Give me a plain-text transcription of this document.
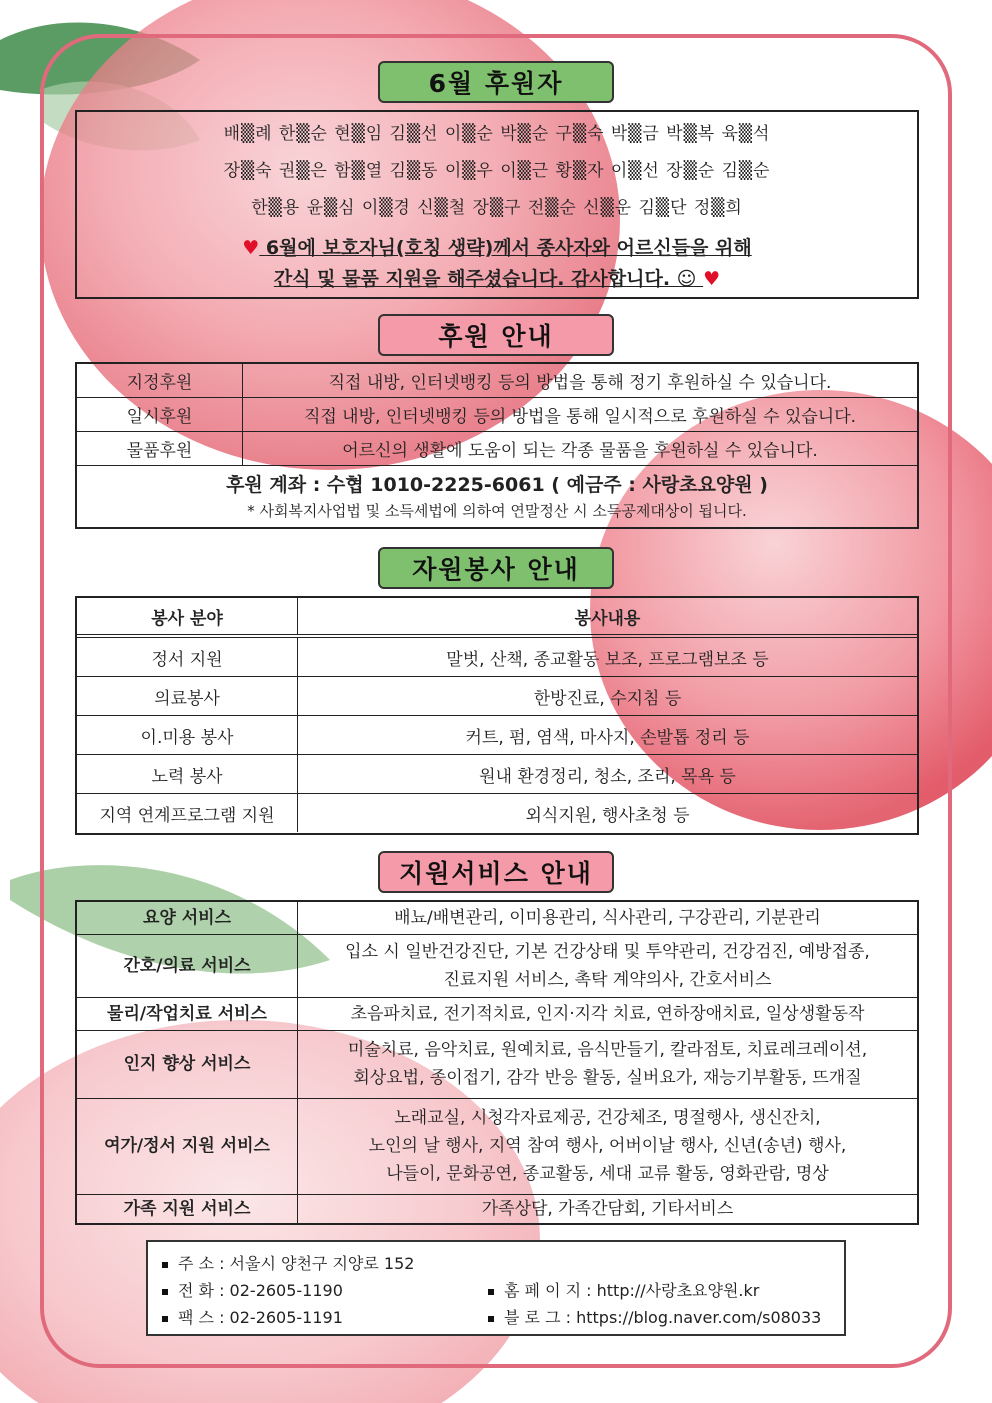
6월 후원자
배▒례 한▒순 현▒임 김▒선 이▒순 박▒순 구▒숙 박▒금 박▒복 육▒석
장▒숙 권▒은 함▒열 김▒동 이▒우 이▒근 황▒자 이▒선 장▒순 김▒순
한▒용 윤▒심 이▒경 신▒철 장▒구 전▒순 신▒운 김▒단 정▒희
♥ 6월에 보호자님(호칭 생략)께서 종사자와 어르신들을 위해
간식 및 물품 지원을 해주셨습니다. 감사합니다. ☺ ♥
후원 안내
지정후원	직접 내방, 인터넷뱅킹 등의 방법을 통해 정기 후원하실 수 있습니다.
일시후원	직접 내방, 인터넷뱅킹 등의 방법을 통해 일시적으로 후원하실 수 있습니다.
물품후원	어르신의 생활에 도움이 되는 각종 물품을 후원하실 수 있습니다.
후원 계좌 : 수협 1010-2225-6061 ( 예금주 : 사랑초요양원 )
* 사회복지사업법 및 소득세법에 의하여 연말정산 시 소득공제대상이 됩니다.
자원봉사 안내
봉사 분야	봉사내용
정서 지원	말벗, 산책, 종교활동 보조, 프로그램보조 등
의료봉사	한방진료, 수지침 등
이.미용 봉사	커트, 펌, 염색, 마사지, 손발톱 정리 등
노력 봉사	원내 환경정리, 청소, 조리, 목욕 등
지역 연계프로그램 지원	외식지원, 행사초청 등
지원서비스 안내
요양 서비스	배뇨/배변관리, 이미용관리, 식사관리, 구강관리, 기분관리

간호/의료 서비스	입소 시 일반건강진단, 기본 건강상태 및 투약관리, 건강검진, 예방접종,
진료지원 서비스, 촉탁 계약의사, 간호서비스

물리/작업치료 서비스	초음파치료, 전기적치료, 인지·지각 치료, 연하장애치료, 일상생활동작

인지 향상 서비스	미술치료, 음악치료, 원예치료, 음식만들기, 칼라점토, 치료레크레이션,
회상요법, 종이접기, 감각 반응 활동, 실버요가, 재능기부활동, 뜨개질

여가/정서 지원 서비스	노래교실, 시청각자료제공, 건강체조, 명절행사, 생신잔치,
노인의 날 행사, 지역 참여 행사, 어버이날 행사, 신년(송년) 행사,
나들이, 문화공연, 종교활동, 세대 교류 활동, 영화관람, 명상

가족 지원 서비스	가족상담, 가족간담회, 기타서비스
주 소 : 서울시 양천구 지양로 152
전 화 : 02-2605-1190
팩 스 : 02-2605-1191
홈 페 이 지 : http://사랑초요양원.kr
블 로 그 : https://blog.naver.com/s08033
